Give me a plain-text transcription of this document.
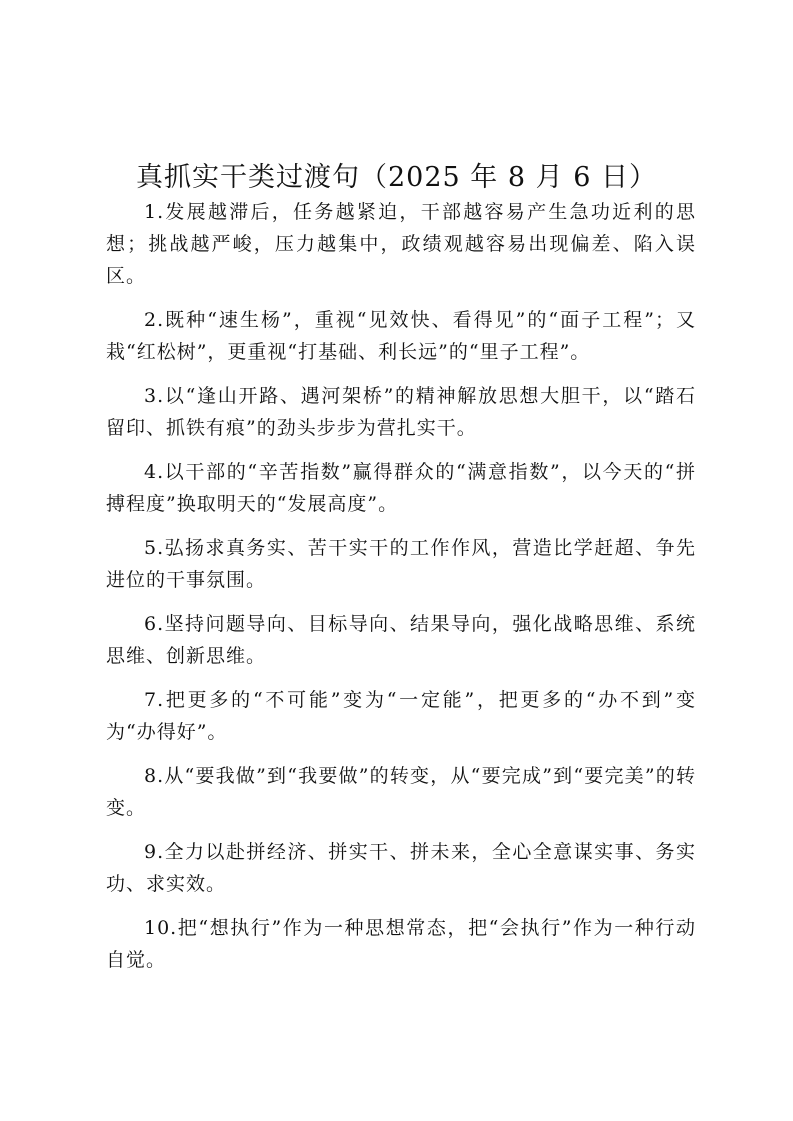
真抓实干类过渡句（2025 年 8 月 6 日）

1.发展越滞后，任务越紧迫，干部越容易产生急功近利的思想；挑战越严峻，压力越集中，政绩观越容易出现偏差、陷入误区。

2.既种“速生杨”，重视“见效快、看得见”的“面子工程”；又栽“红松树”，更重视“打基础、利长远”的“里子工程”。

3.以“逢山开路、遇河架桥”的精神解放思想大胆干，以“踏石留印、抓铁有痕”的劲头步步为营扎实干。

4.以干部的“辛苦指数”赢得群众的“满意指数”，以今天的“拼搏程度”换取明天的“发展高度”。

5.弘扬求真务实、苦干实干的工作作风，营造比学赶超、争先进位的干事氛围。

6.坚持问题导向、目标导向、结果导向，强化战略思维、系统思维、创新思维。

7.把更多的“不可能”变为“一定能”，把更多的“办不到”变为“办得好”。

8.从“要我做”到“我要做”的转变，从“要完成”到“要完美”的转变。

9.全力以赴拼经济、拼实干、拼未来，全心全意谋实事、务实功、求实效。

10.把“想执行”作为一种思想常态，把“会执行”作为一种行动自觉。
